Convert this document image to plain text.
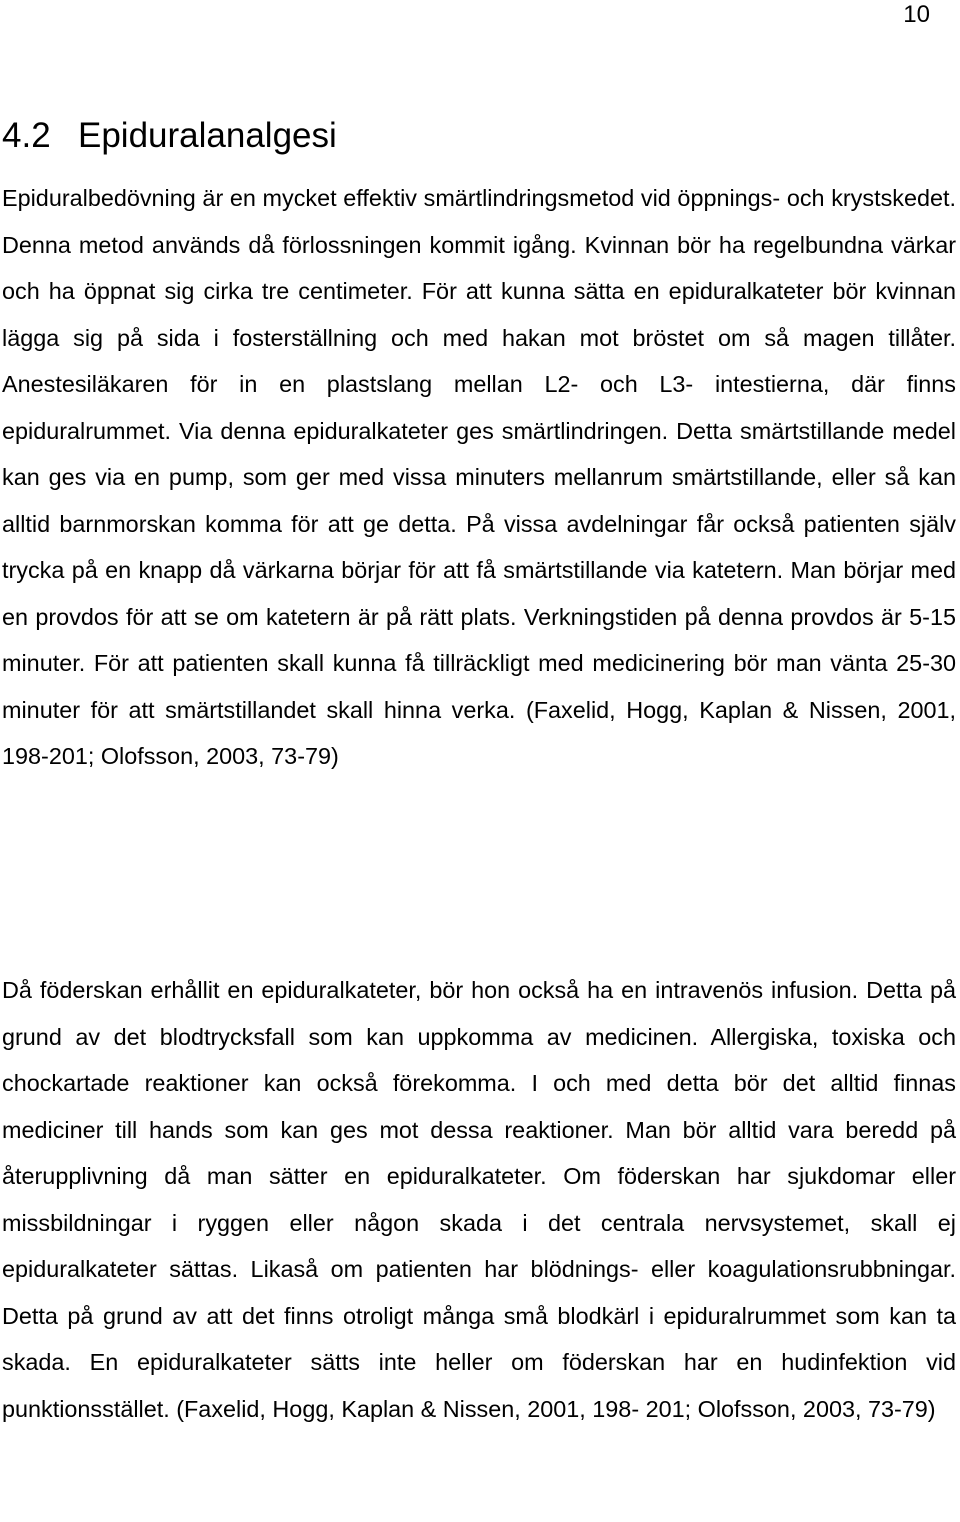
10
4.2 Epiduralanalgesi

Epiduralbedövning är en mycket effektiv smärtlindringsmetod vid öppnings- och krystskedet. Denna metod används då förlossningen kommit igång. Kvinnan bör ha regelbundna värkar och ha öppnat sig cirka tre centimeter. För att kunna sätta en epiduralkateter bör kvinnan lägga sig på sida i fosterställning och med hakan mot bröstet om så magen tillåter. Anestesiläkaren för in en plastslang mellan L2- och L3- intestierna, där finns epiduralrummet. Via denna epiduralkateter ges smärtlindringen. Detta smärtstillande medel kan ges via en pump, som ger med vissa minuters mellanrum smärtstillande, eller så kan alltid barnmorskan komma för att ge detta. På vissa avdelningar får också patienten själv trycka på en knapp då värkarna börjar för att få smärtstillande via katetern. Man börjar med en provdos för att se om katetern är på rätt plats. Verkningstiden på denna provdos är 5-15 minuter. För att patienten skall kunna få tillräckligt med medicinering bör man vänta 25-30 minuter för att smärtstillandet skall hinna verka. (Faxelid, Hogg, Kaplan & Nissen, 2001, 198-201; Olofsson, 2003, 73-79)

Då föderskan erhållit en epiduralkateter, bör hon också ha en intravenös infusion. Detta på grund av det blodtrycksfall som kan uppkomma av medicinen. Allergiska, toxiska och chockartade reaktioner kan också förekomma. I och med detta bör det alltid finnas mediciner till hands som kan ges mot dessa reaktioner. Man bör alltid vara beredd på återupplivning då man sätter en epiduralkateter. Om föderskan har sjukdomar eller missbildningar i ryggen eller någon skada i det centrala nervsystemet, skall ej epiduralkateter sättas. Likaså om patienten har blödnings- eller koagulationsrubbningar. Detta på grund av att det finns otroligt många små blodkärl i epiduralrummet som kan ta skada. En epiduralkateter sätts inte heller om föderskan har en hudinfektion vid punktionsstället. (Faxelid, Hogg, Kaplan & Nissen, 2001, 198- 201; Olofsson, 2003, 73-79)
